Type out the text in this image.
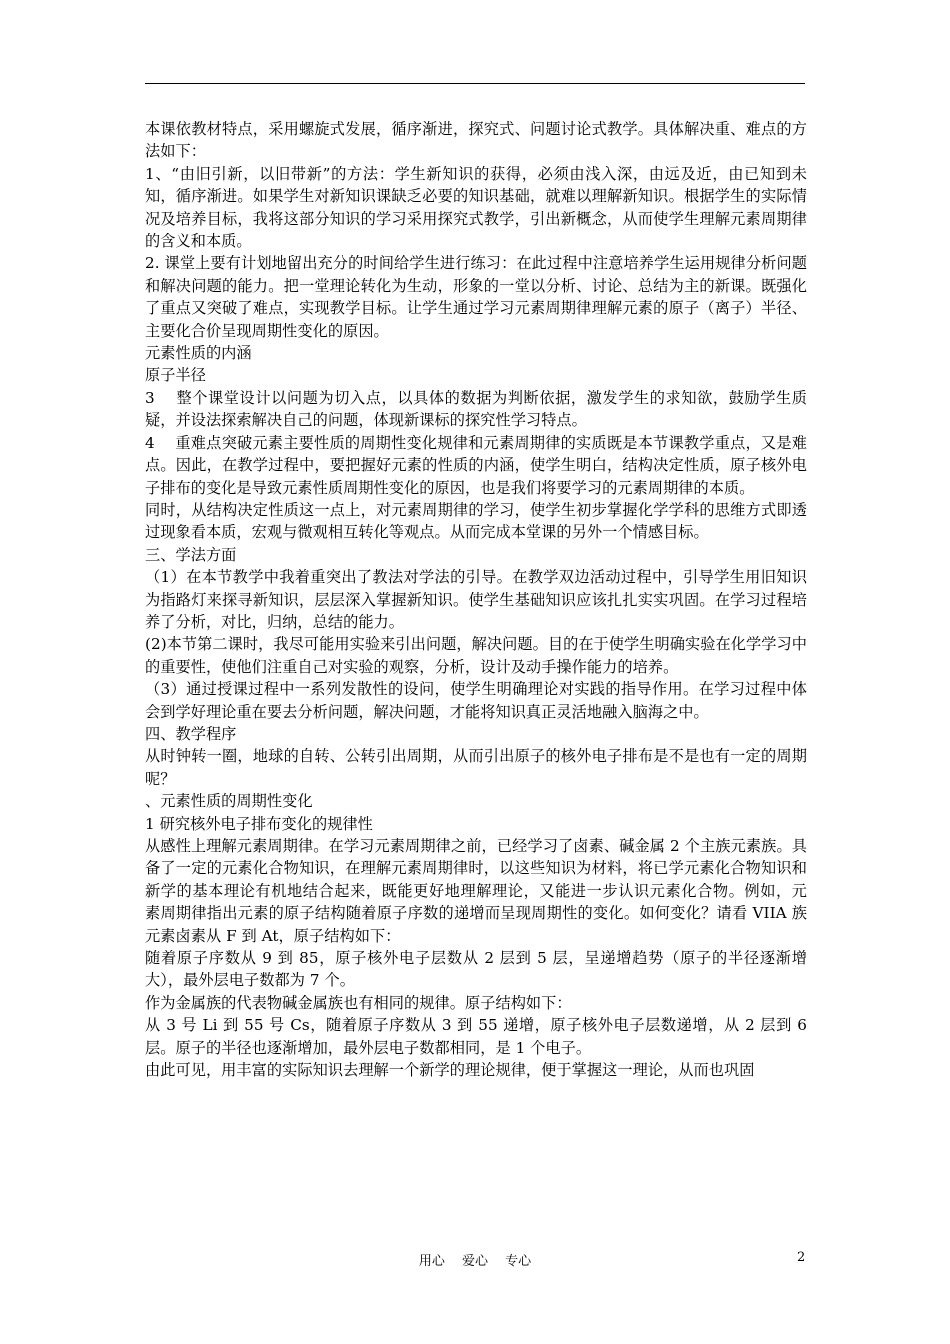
本课依教材特点，采用螺旋式发展，循序渐进，探究式、问题讨论式教学。具体解决重、难点的方法如下：

1、“由旧引新，以旧带新”的方法：学生新知识的获得，必须由浅入深，由远及近，由已知到未知，循序渐进。如果学生对新知识课缺乏必要的知识基础，就难以理解新知识。根据学生的实际情况及培养目标，我将这部分知识的学习采用探究式教学，引出新概念，从而使学生理解元素周期律的含义和本质。

2. 课堂上要有计划地留出充分的时间给学生进行练习：在此过程中注意培养学生运用规律分析问题和解决问题的能力。把一堂理论转化为生动，形象的一堂以分析、讨论、总结为主的新课。既强化了重点又突破了难点，实现教学目标。让学生通过学习元素周期律理解元素的原子（离子）半径、主要化合价呈现周期性变化的原因。

元素性质的内涵

原子半径

3　 整个课堂设计以问题为切入点，以具体的数据为判断依据，激发学生的求知欲，鼓励学生质疑，并设法探索解决自己的问题，体现新课标的探究性学习特点。

4　 重难点突破元素主要性质的周期性变化规律和元素周期律的实质既是本节课教学重点，又是难点。因此，在教学过程中，要把握好元素的性质的内涵，使学生明白，结构决定性质，原子核外电子排布的变化是导致元素性质周期性变化的原因，也是我们将要学习的元素周期律的本质。

同时，从结构决定性质这一点上，对元素周期律的学习，使学生初步掌握化学学科的思维方式即透过现象看本质，宏观与微观相互转化等观点。从而完成本堂课的另外一个情感目标。

三、学法方面

（1）在本节教学中我着重突出了教法对学法的引导。在教学双边活动过程中，引导学生用旧知识为指路灯来探寻新知识，层层深入掌握新知识。使学生基础知识应该扎扎实实巩固。在学习过程培养了分析，对比，归纳，总结的能力。

(2)本节第二课时，我尽可能用实验来引出问题，解决问题。目的在于使学生明确实验在化学学习中的重要性，使他们注重自己对实验的观察，分析，设计及动手操作能力的培养。

（3）通过授课过程中一系列发散性的设问，使学生明确理论对实践的指导作用。在学习过程中体会到学好理论重在要去分析问题，解决问题，才能将知识真正灵活地融入脑海之中。

四、教学程序

从时钟转一圈，地球的自转、公转引出周期，从而引出原子的核外电子排布是不是也有一定的周期呢？

、元素性质的周期性变化

1 研究核外电子排布变化的规律性

从感性上理解元素周期律。在学习元素周期律之前，已经学习了卤素、碱金属 2 个主族元素族。具备了一定的元素化合物知识，在理解元素周期律时，以这些知识为材料，将已学元素化合物知识和新学的基本理论有机地结合起来，既能更好地理解理论，又能进一步认识元素化合物。例如，元　 素周期律指出元素的原子结构随着原子序数的递增而呈现周期性的变化。如何变化？请看 VIIA 族元素卤素从 F 到 At，原子结构如下：

随着原子序数从 9 到 85，原子核外电子层数从 2 层到 5 层，呈递增趋势（原子的半径逐渐增大），最外层电子数都为 7 个。

作为金属族的代表物碱金属族也有相同的规律。原子结构如下：

从 3 号 Li 到 55 号 Cs，随着原子序数从 3 到 55 递增，原子核外电子层数递增，从 2 层到 6 层。原子的半径也逐渐增加，最外层电子数都相同，是 1 个电子。

由此可见，用丰富的实际知识去理解一个新学的理论规律，便于掌握这一理论，从而也巩固

用心　 爱心　 专心	2
